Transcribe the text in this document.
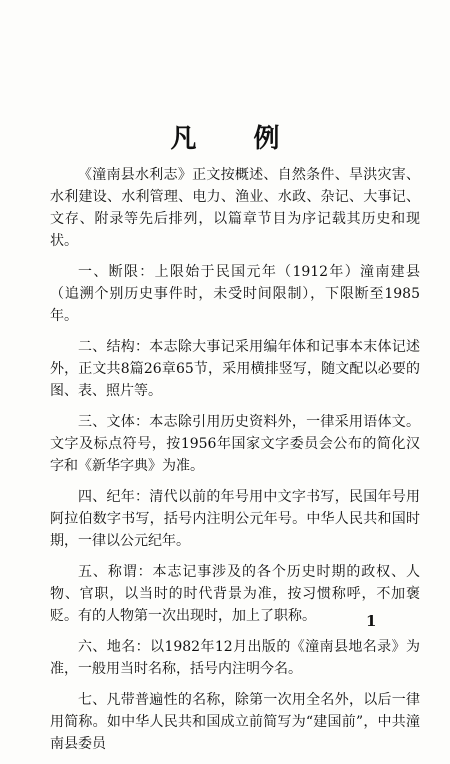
凡 例

《潼南县水利志》正文按概述、自然条件、旱洪灾害、水利建设、水利管理、电力、渔业、水政、杂记、大事记、文存、附录等先后排列，以篇章节目为序记载其历史和现状。

一、断限：上限始于民国元年（1912年）潼南建县（追溯个别历史事件时，未受时间限制），下限断至1985年。

二、结构：本志除大事记采用编年体和记事本末体记述外，正文共8篇26章65节，采用横排竖写，随文配以必要的图、表、照片等。

三、文体：本志除引用历史资料外，一律采用语体文。文字及标点符号，按1956年国家文字委员会公布的简化汉字和《新华字典》为准。

四、纪年：清代以前的年号用中文字书写，民国年号用阿拉伯数字书写，括号内注明公元年号。中华人民共和国时期，一律以公元纪年。

五、称谓：本志记事涉及的各个历史时期的政权、人物、官职，以当时的时代背景为准，按习惯称呼，不加褒贬。有的人物第一次出现时，加上了职称。

六、地名：以1982年12月出版的《潼南县地名录》为准，一般用当时名称，括号内注明今名。

七、凡带普遍性的名称，除第一次用全名外，以后一律用简称。如中华人民共和国成立前简写为“建国前”，中共潼南县委员

1
